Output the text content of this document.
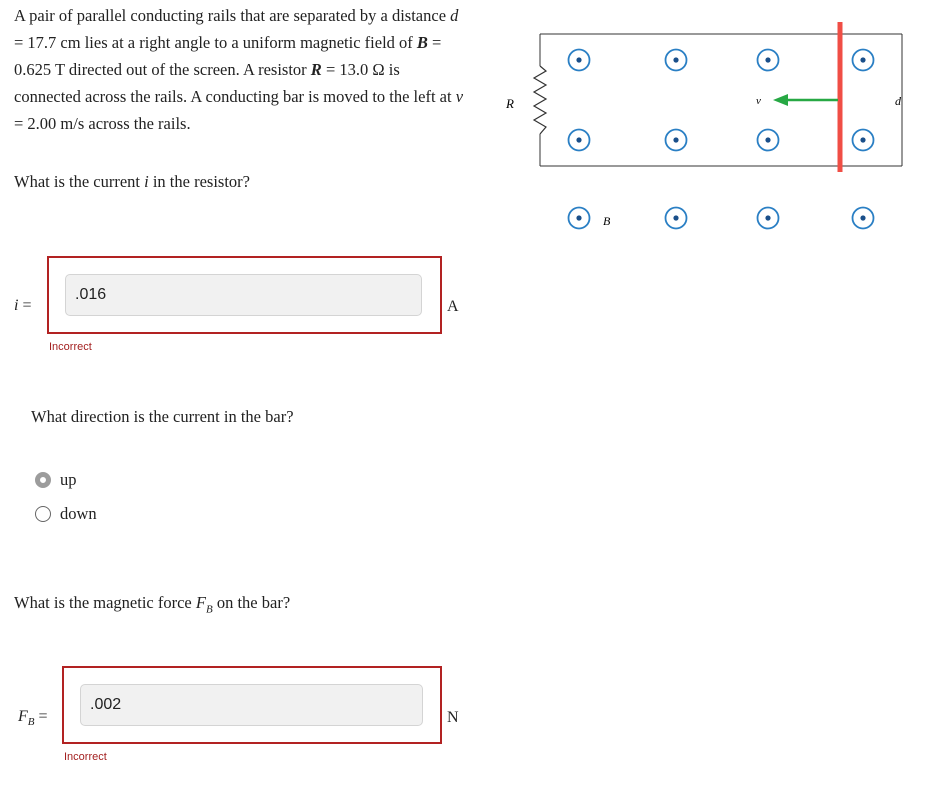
A pair of parallel conducting rails that are separated by a distance d = 17.7 cm lies at a right angle to a uniform magnetic field of B = 0.625 T directed out of the screen. A resistor R = 13.0 Ω is connected across the rails. A conducting bar is moved to the left at v = 2.00 m/s across the rails.

What is the current i in the resistor?
i =
.016
A
Incorrect
What direction is the current in the bar?
up
down
What is the magnetic force $F_B$ on the bar?
$F_B$ =
.002
N
Incorrect
R	d
v
B
